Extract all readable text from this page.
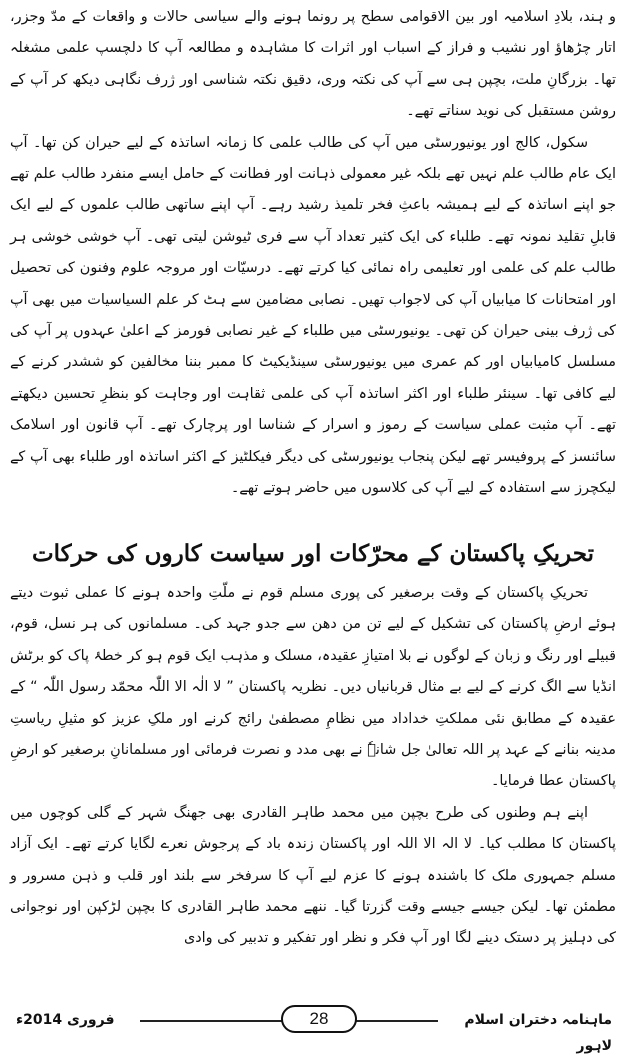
و ہند، بلادِ اسلامیہ اور بین الاقوامی سطح پر رونما ہونے والے سیاسی حالات و واقعات کے مدّ وجزر، اتار چڑھاؤ اور نشیب و فراز کے اسباب اور اثرات کا مشاہدہ و مطالعہ آپ کا دلچسپ علمی مشغلہ تھا۔ بزرگانِ ملت، بچپن ہی سے آپ کی نکتہ وری، دقیق نکتہ شناسی اور ژرف نگاہی دیکھ کر آپ کے روشن مستقبل کی نوید سناتے تھے۔

سکول، کالج اور یونیورسٹی میں آپ کی طالب علمی کا زمانہ اساتذہ کے لیے حیران کن تھا۔ آپ ایک عام طالب علم نہیں تھے بلکہ غیر معمولی ذہانت اور فطانت کے حامل ایسے منفرد طالب علم تھے جو اپنے اساتذہ کے لیے ہمیشہ باعثِ فخر تلمیذ رشید رہے۔ آپ اپنے ساتھی طالب علموں کے لیے ایک قابلِ تقلید نمونہ تھے۔ طلباء کی ایک کثیر تعداد آپ سے فری ٹیوشن لیتی تھی۔ آپ خوشی خوشی ہر طالب علم کی علمی اور تعلیمی راہ نمائی کیا کرتے تھے۔ درسیّات اور مروجہ علوم وفنون کی تحصیل اور امتحانات کا میابیاں آپ کی لاجواب تھیں۔ نصابی مضامین سے ہٹ کر علم السیاسیات میں بھی آپ کی ژرف بینی حیران کن تھی۔ یونیورسٹی میں طلباء کے غیر نصابی فورمز کے اعلیٰ عہدوں پر آپ کی مسلسل کامیابیاں اور کم عمری میں یونیورسٹی سینڈیکیٹ کا ممبر بننا مخالفین کو ششدر کرنے کے لیے کافی تھا۔ سینئر طلباء اور اکثر اساتذہ آپ کی علمی ثقاہت اور وجاہت کو بنظرِ تحسین دیکھتے تھے۔ آپ مثبت عملی سیاست کے رموز و اسرار کے شناسا اور پرچارک تھے۔ آپ قانون اور اسلامک سائنسز کے پروفیسر تھے لیکن پنجاب یونیورسٹی کی دیگر فیکلٹیز کے اکثر اساتذہ اور طلباء بھی آپ کے لیکچرز سے استفادہ کے لیے آپ کی کلاسوں میں حاضر ہوتے تھے۔

تحریکِ پاکستان کے محرّکات اور سیاست کاروں کی حرکات

تحریکِ پاکستان کے وقت برصغیر کی پوری مسلم قوم نے ملّتِ واحدہ ہونے کا عملی ثبوت دیتے ہوئے ارضِ پاکستان کی تشکیل کے لیے تن من دھن سے جدو جہد کی۔ مسلمانوں کی ہر نسل، قوم، قبیلے اور رنگ و زبان کے لوگوں نے بلا امتیازِ عقیدہ، مسلک و مذہب ایک قوم ہو کر خطۂ پاک کو برٹش انڈیا سے الگ کرنے کے لیے بے مثال قربانیاں دیں۔ نظریہ پاکستان ” لا الٰہ الا اللّٰہ محمّد رسول اللّٰہ “ کے عقیدہ کے مطابق نئی مملکتِ خداداد میں نظامِ مصطفیٰ رائج کرنے اور ملکِ عزیز کو مثیلِ ریاستِ مدینہ بنانے کے عہد پر اللہ تعالیٰ جل شانہٗ نے بھی مدد و نصرت فرمائی اور مسلمانانِ برصغیر کو ارضِ پاکستان عطا فرمایا۔

اپنے ہم وطنوں کی طرح بچپن میں محمد طاہر القادری بھی جھنگ شہر کے گلی کوچوں میں پاکستان کا مطلب کیا۔ لا الہ الا اللہ اور پاکستان زندہ باد کے پرجوش نعرے لگایا کرتے تھے۔ ایک آزاد مسلم جمہوری ملک کا باشندہ ہونے کا عزم لیے آپ کا سرفخر سے بلند اور قلب و ذہن مسرور و مطمئن تھا۔ لیکن جیسے جیسے وقت گزرتا گیا۔ ننھے محمد طاہر القادری کا بچپن لڑکپن اور نوجوانی کی دہلیز پر دستک دینے لگا اور آپ فکر و نظر اور تفکیر و تدبیر کی وادی

فروری 2014ء	28	ماہنامہ دختران اسلام لاہور
